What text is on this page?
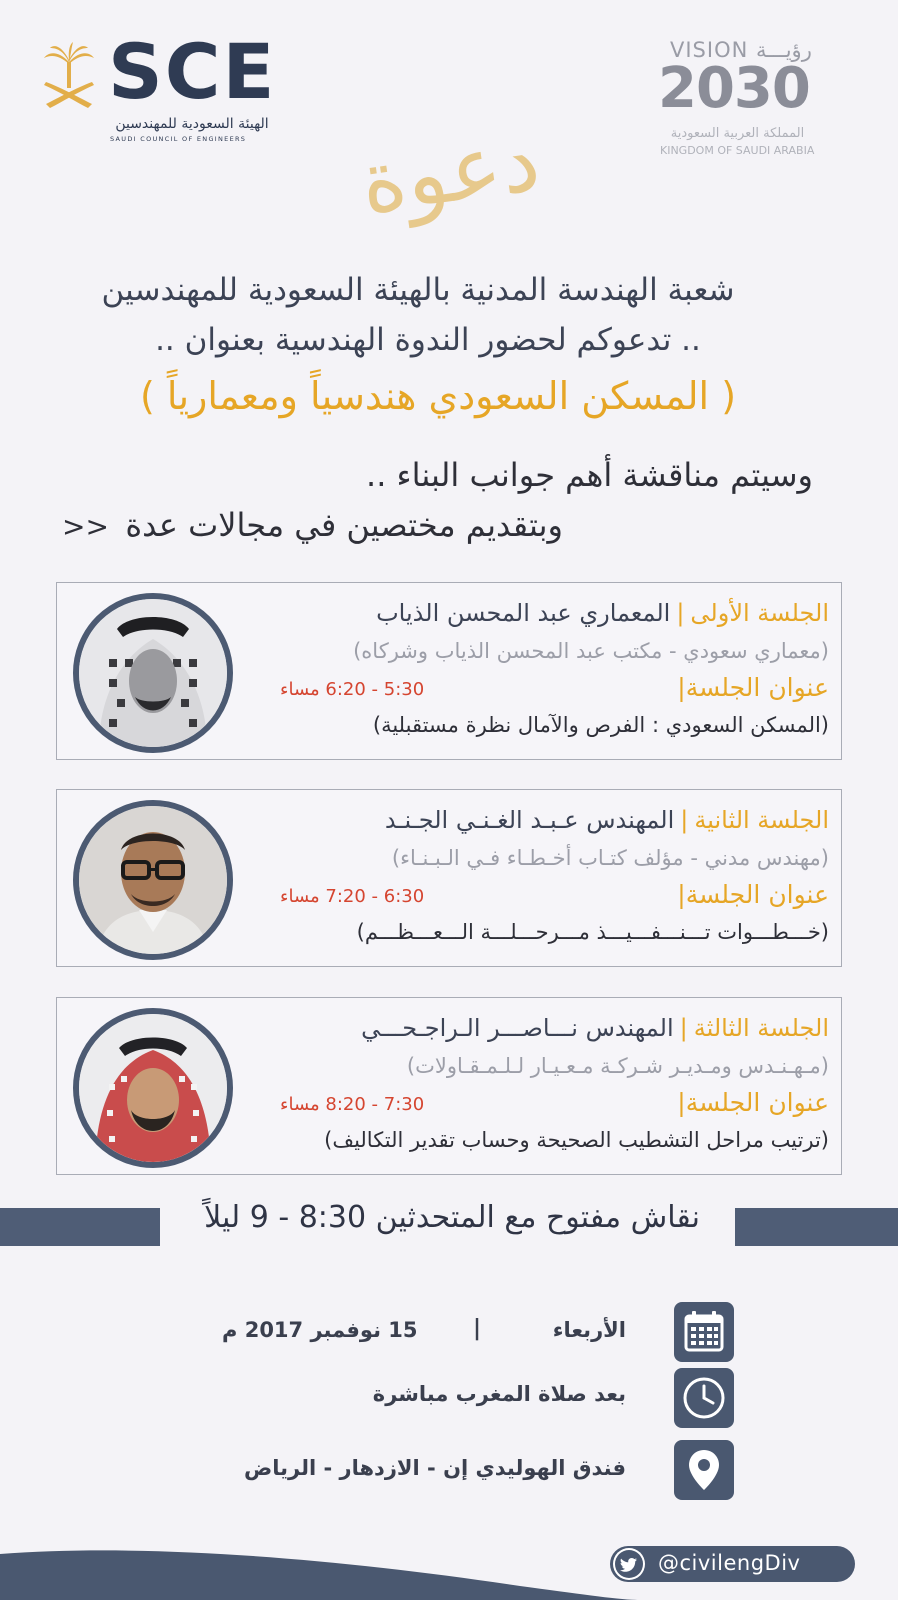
SCE
الهيئة السعودية للمهندسين
SAUDI COUNCIL OF ENGINEERS
VISION رؤيـــة
2030
المملكة العربية السعودية
KINGDOM OF SAUDI ARABIA
دعوة
شعبة الهندسة المدنية بالهيئة السعودية للمهندسين
.. تدعوكم لحضور الندوة الهندسية بعنوان ..
( المسكن السعودي هندسياً ومعمارياً )
وسيتم مناقشة أهم جوانب البناء ..
وبتقديم مختصين في مجالات عدة
>>
الجلسة الأولى|المعماري عبد المحسن الذياب
(معماري سعودي - مكتب عبد المحسن الذياب وشركاه)
عنوان الجلسة|
5:30 - 6:20 مساء
(المسكن السعودي : الفرص والآمال نظرة مستقبلية)
الجلسة الثانية|المهندس عـبـد الغـنـي الجـنـد
(مهندس مدني - مؤلف كتـاب أخـطـاء فـي الـبـنـاء)
عنوان الجلسة|
6:30 - 7:20 مساء
(خـــطـــوات تـــنـــفـــيـــذ مـــرحـــلـــة الـــعـــظـــم)
الجلسة الثالثة|المهندس نـــاصـــر الـراجـحـــي
(مـهـنـدس ومـديـر شـركـة مـعـيـار لـلـمـقـاولات)
عنوان الجلسة|
7:30 - 8:20 مساء
(ترتيب مراحل التشطيب الصحيحة وحساب تقدير التكاليف)
نقاش مفتوح مع المتحدثين 8:30 - 9 ليلاً
الأربعاء
|
15 نوفمبر 2017 م
بعد صلاة المغرب مباشرة
فندق الهوليدي إن - الازدهار - الرياض
@civilengDiv
